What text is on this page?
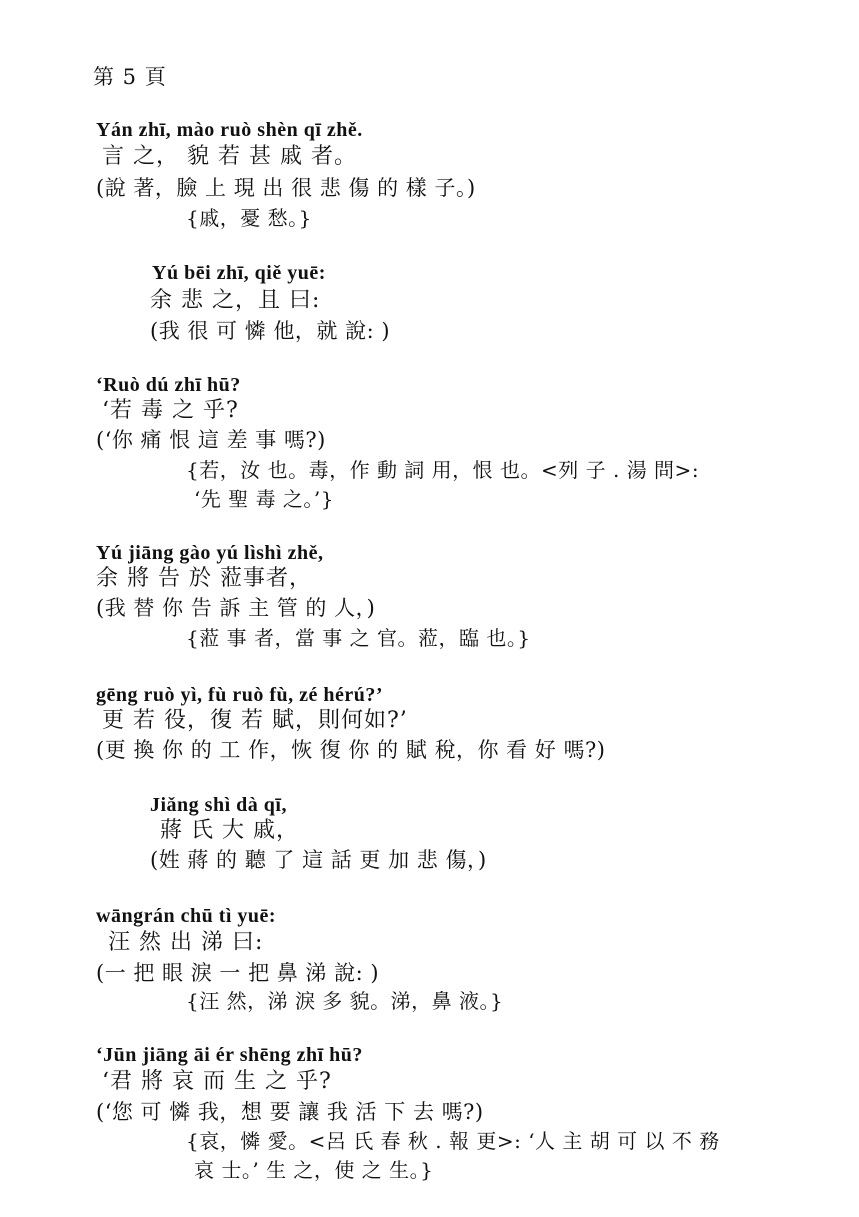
第 5 頁
Yán zhī, mào ruò shèn qī zhě.
言 之， 貌 若 甚 戚 者。
(說 著，臉 上 現 出 很 悲 傷 的 樣 子。)
{戚，憂 愁。}
Yú bēi zhī, qiě yuē:
余 悲 之，且 曰:
(我 很 可 憐 他，就 說: )
‘Ruò dú zhī hū?
‘若 毒 之 乎?
(‘你 痛 恨 這 差 事 嗎?)
{若，汝 也。毒，作 動 詞 用，恨 也。<列 子 . 湯 問>:
‘先 聖 毒 之。’}
Yú jiāng gào yú lìshì zhě,
余 將 告 於 蒞事者，
(我 替 你 告 訴 主 管 的 人，)
{蒞 事 者，當 事 之 官。蒞，臨 也。}
gēng ruò yì, fù ruò fù, zé hérú?’
更 若 役，復 若 賦，則何如?’
(更 換 你 的 工 作，恢 復 你 的 賦 稅，你 看 好 嗎?)
Jiǎng shì dà qī,
蔣 氏 大 戚，
(姓 蔣 的 聽 了 這 話 更 加 悲 傷，)
wāngrán chū tì yuē:
汪 然 出 涕 曰:
(一 把 眼 淚 一 把 鼻 涕 說: )
{汪 然，涕 淚 多 貌。涕，鼻 液。}
‘Jūn jiāng āi ér shēng zhī hū?
‘君 將 哀 而 生 之 乎?
(‘您 可 憐 我，想 要 讓 我 活 下 去 嗎?)
{哀，憐 愛。<呂 氏 春 秋 . 報 更>: ‘人 主 胡 可 以 不 務
哀 士。’ 生 之，使 之 生。}
